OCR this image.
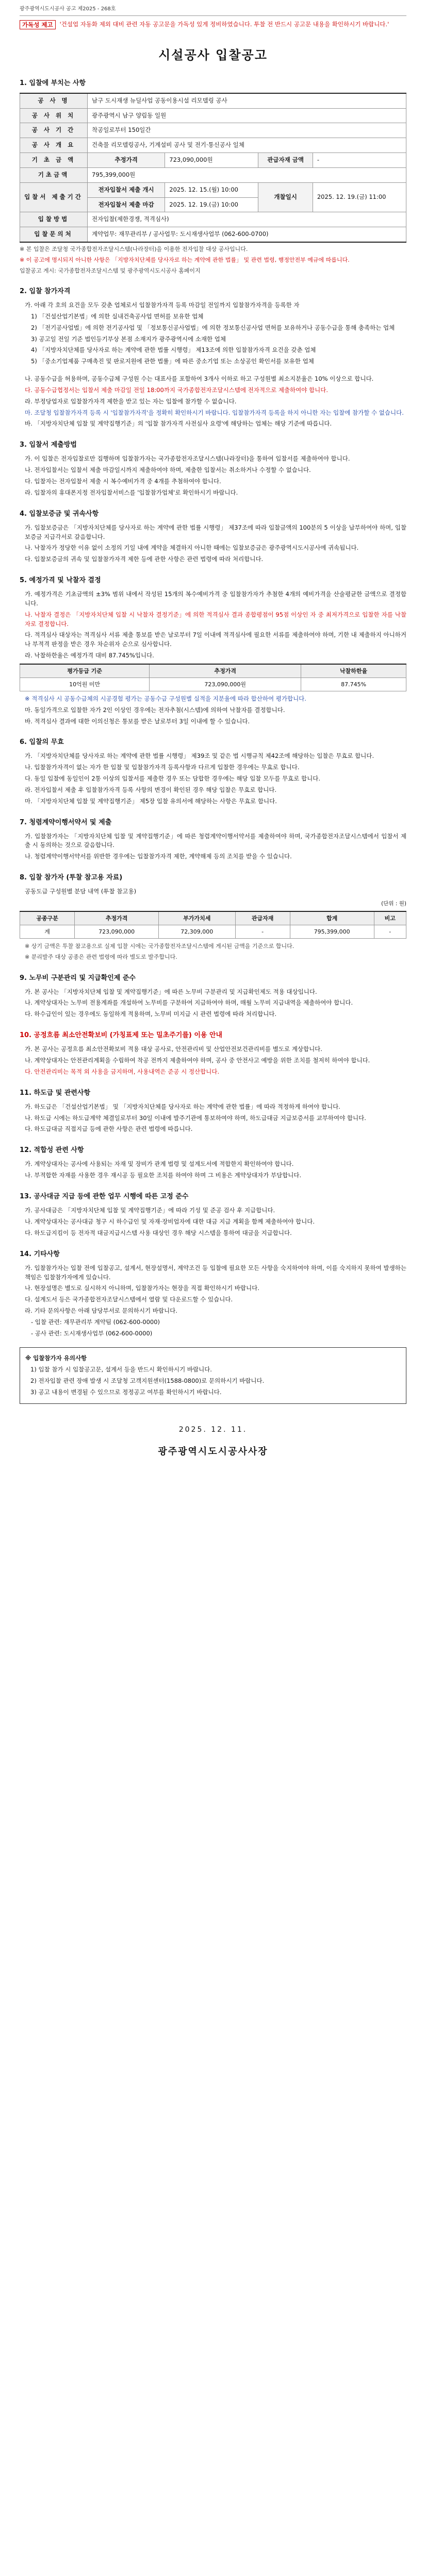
광주광역시도시공사 공고 제2025 - 268호
가독성 제고	'건설업 자동화 제외 대비 관련 자동 공고문을 가독성 있게 정비하였습니다. 투찰 전 반드시 공고문 내용을 확인하시기 바랍니다.'
시설공사 입찰공고
1. 입찰에 부치는 사항
공 사 명	남구 도시재생 뉴딜사업 공동이용시설 리모델링 공사			
공 사 위 치	광주광역시 남구 양림동 일원			
공 사 기 간	착공일로부터 150일간			
공 사 개 요	건축물 리모델링공사, 기계설비 공사 및 전기·통신공사 일체			
기 초 금 액	추정가격	723,090,000원	관급자재 금액	-
기초금액	795,399,000원			
입찰서 제출기간	전자입찰서 제출 개시	2025. 12. 15.(월) 10:00	개찰일시	2025. 12. 19.(금) 11:00
	전자입찰서 제출 마감	2025. 12. 19.(금) 10:00		
입찰방법	전자입찰(제한경쟁, 적격심사)			
입찰문의처	계약업무: 재무관리부 / 공사업무: 도시재생사업부 (062-600-0700)			

※ 본 입찰은 조달청 국가종합전자조달시스템(나라장터)을 이용한 전자입찰 대상 공사입니다.

※ 이 공고에 명시되지 아니한 사항은 「지방자치단체를 당사자로 하는 계약에 관한 법률」 및 관련 법령, 행정안전부 예규에 따릅니다.

입찰공고 게시: 국가종합전자조달시스템 및 광주광역시도시공사 홈페이지

2. 입찰 참가자격

가. 아래 각 호의 요건을 모두 갖춘 업체로서 입찰참가자격 등록 마감일 전일까지 입찰참가자격을 등록한 자

1) 「건설산업기본법」에 의한 실내건축공사업 면허를 보유한 업체

2) 「전기공사업법」에 의한 전기공사업 및 「정보통신공사업법」에 의한 정보통신공사업 면허를 보유하거나 공동수급을 통해 충족하는 업체

3) 공고일 전일 기준 법인등기부상 본점 소재지가 광주광역시에 소재한 업체

4) 「지방자치단체를 당사자로 하는 계약에 관한 법률 시행령」 제13조에 의한 입찰참가자격 요건을 갖춘 업체

5) 「중소기업제품 구매촉진 및 판로지원에 관한 법률」에 따른 중소기업 또는 소상공인 확인서를 보유한 업체

나. 공동수급을 허용하며, 공동수급체 구성원 수는 대표사를 포함하여 3개사 이하로 하고 구성원별 최소지분율은 10% 이상으로 합니다.

다. 공동수급협정서는 입찰서 제출 마감일 전일 18:00까지 국가종합전자조달시스템에 전자적으로 제출하여야 합니다.

라. 부정당업자로 입찰참가자격 제한을 받고 있는 자는 입찰에 참가할 수 없습니다.

마. 조달청 입찰참가자격 등록 시 '입찰참가자격'을 정확히 확인하시기 바랍니다. 입찰참가자격 등록을 하지 아니한 자는 입찰에 참가할 수 없습니다.

바. 「지방자치단체 입찰 및 계약집행기준」의 '입찰 참가자격 사전심사 요령'에 해당하는 업체는 해당 기준에 따릅니다.

3. 입찰서 제출방법

가. 이 입찰은 전자입찰로만 집행하며 입찰참가자는 국가종합전자조달시스템(나라장터)을 통하여 입찰서를 제출하여야 합니다.

나. 전자입찰서는 입찰서 제출 마감일시까지 제출하여야 하며, 제출한 입찰서는 취소하거나 수정할 수 없습니다.

다. 입찰자는 전자입찰서 제출 시 복수예비가격 중 4개를 추첨하여야 합니다.

라. 입찰자의 휴대폰지정 전자입찰서비스를 '입찰참가업체'로 확인하시기 바랍니다.

4. 입찰보증금 및 귀속사항

가. 입찰보증금은 「지방자치단체를 당사자로 하는 계약에 관한 법률 시행령」 제37조에 따라 입찰금액의 100분의 5 이상을 납부하여야 하며, 입찰보증금 지급각서로 갈음합니다.

나. 낙찰자가 정당한 이유 없이 소정의 기일 내에 계약을 체결하지 아니한 때에는 입찰보증금은 광주광역시도시공사에 귀속됩니다.

다. 입찰보증금의 귀속 및 입찰참가자격 제한 등에 관한 사항은 관련 법령에 따라 처리합니다.

5. 예정가격 및 낙찰자 결정

가. 예정가격은 기초금액의 ±3% 범위 내에서 작성된 15개의 복수예비가격 중 입찰참가자가 추첨한 4개의 예비가격을 산술평균한 금액으로 결정합니다.

나. 낙찰자 결정은 「지방자치단체 입찰 시 낙찰자 결정기준」에 의한 적격심사 결과 종합평점이 95점 이상인 자 중 최저가격으로 입찰한 자를 낙찰자로 결정합니다.

다. 적격심사 대상자는 적격심사 서류 제출 통보를 받은 날로부터 7일 이내에 적격심사에 필요한 서류를 제출하여야 하며, 기한 내 제출하지 아니하거나 부적격 판정을 받은 경우 차순위자 순으로 심사합니다.

라. 낙찰하한율은 예정가격 대비 87.745%입니다.

평가등급 기준	추정가격	낙찰하한율
10억원 미만	723,090,000원	87.745%

※ 적격심사 시 공동수급체의 시공경험 평가는 공동수급 구성원별 실적을 지분율에 따라 합산하여 평가합니다.

마. 동일가격으로 입찰한 자가 2인 이상인 경우에는 전자추첨(시스템)에 의하여 낙찰자를 결정합니다.

바. 적격심사 결과에 대한 이의신청은 통보를 받은 날로부터 3일 이내에 할 수 있습니다.

6. 입찰의 무효

가. 「지방자치단체를 당사자로 하는 계약에 관한 법률 시행령」 제39조 및 같은 법 시행규칙 제42조에 해당하는 입찰은 무효로 합니다.

나. 입찰참가자격이 없는 자가 한 입찰 및 입찰참가자격 등록사항과 다르게 입찰한 경우에는 무효로 합니다.

다. 동일 입찰에 동일인이 2통 이상의 입찰서를 제출한 경우 또는 담합한 경우에는 해당 입찰 모두를 무효로 합니다.

라. 전자입찰서 제출 후 입찰참가자격 등록 사항의 변경이 확인된 경우 해당 입찰은 무효로 합니다.

마. 「지방자치단체 입찰 및 계약집행기준」 제5장 입찰 유의서에 해당하는 사항은 무효로 합니다.

7. 청렴계약이행서약서 및 제출

가. 입찰참가자는 「지방자치단체 입찰 및 계약집행기준」에 따른 청렴계약이행서약서를 제출하여야 하며, 국가종합전자조달시스템에서 입찰서 제출 시 동의하는 것으로 갈음합니다.

나. 청렴계약이행서약서를 위반한 경우에는 입찰참가자격 제한, 계약해제 등의 조치를 받을 수 있습니다.

8. 입찰 참가자 (투찰 참고용 자료)

공동도급 구성원별 분담 내역 (투찰 참고용)

(단위 : 원)
공종구분	추정가격	부가가치세	관급자재	합계	비고
계	723,090,000	72,309,000	-	795,399,000	-

※ 상기 금액은 투찰 참고용으로 실제 입찰 시에는 국가종합전자조달시스템에 게시된 금액을 기준으로 합니다.

※ 분리발주 대상 공종은 관련 법령에 따라 별도로 발주합니다.

9. 노무비 구분관리 및 지급확인제 준수

가. 본 공사는 「지방자치단체 입찰 및 계약집행기준」에 따른 노무비 구분관리 및 지급확인제도 적용 대상입니다.

나. 계약상대자는 노무비 전용계좌를 개설하여 노무비를 구분하여 지급하여야 하며, 매월 노무비 지급내역을 제출하여야 합니다.

다. 하수급인이 있는 경우에도 동일하게 적용하며, 노무비 미지급 시 관련 법령에 따라 처리합니다.

10. 공정흐름 최소안전확보비 (가칭표제 또는 밀초주기를) 이용 안내

가. 본 공사는 공정흐름 최소안전확보비 적용 대상 공사로, 안전관리비 및 산업안전보건관리비를 별도로 계상합니다.

나. 계약상대자는 안전관리계획을 수립하여 착공 전까지 제출하여야 하며, 공사 중 안전사고 예방을 위한 조치를 철저히 하여야 합니다.

다. 안전관리비는 목적 외 사용을 금지하며, 사용내역은 준공 시 정산합니다.

11. 하도급 및 관련사항

가. 하도급은 「건설산업기본법」 및 「지방자치단체를 당사자로 하는 계약에 관한 법률」에 따라 적정하게 하여야 합니다.

나. 하도급 시에는 하도급계약 체결일로부터 30일 이내에 발주기관에 통보하여야 하며, 하도급대금 지급보증서를 교부하여야 합니다.

다. 하도급대금 직접지급 등에 관한 사항은 관련 법령에 따릅니다.

12. 적합성 관련 사항

가. 계약상대자는 공사에 사용되는 자재 및 장비가 관계 법령 및 설계도서에 적합한지 확인하여야 합니다.

나. 부적합한 자재를 사용한 경우 재시공 등 필요한 조치를 하여야 하며 그 비용은 계약상대자가 부담합니다.

13. 공사대금 지급 등에 관한 업무 시행에 따른 고정 준수

가. 공사대금은 「지방자치단체 입찰 및 계약집행기준」에 따라 기성 및 준공 검사 후 지급합니다.

나. 계약상대자는 공사대금 청구 시 하수급인 및 자재·장비업자에 대한 대금 지급 계획을 함께 제출하여야 합니다.

다. 하도급지킴이 등 전자적 대금지급시스템 사용 대상인 경우 해당 시스템을 통하여 대금을 지급합니다.

14. 기타사항

가. 입찰참가자는 입찰 전에 입찰공고, 설계서, 현장설명서, 계약조건 등 입찰에 필요한 모든 사항을 숙지하여야 하며, 이를 숙지하지 못하여 발생하는 책임은 입찰참가자에게 있습니다.

나. 현장설명은 별도로 실시하지 아니하며, 입찰참가자는 현장을 직접 확인하시기 바랍니다.

다. 설계도서 등은 국가종합전자조달시스템에서 열람 및 다운로드할 수 있습니다.

라. 기타 문의사항은 아래 담당부서로 문의하시기 바랍니다.

- 입찰 관련: 재무관리부 계약팀 (062-600-0000)

- 공사 관련: 도시재생사업부 (062-600-0000)

※ 입찰참가자 유의사항

1) 입찰 참가 시 입찰공고문, 설계서 등을 반드시 확인하시기 바랍니다.

2) 전자입찰 관련 장애 발생 시 조달청 고객지원센터(1588-0800)로 문의하시기 바랍니다.

3) 공고 내용이 변경될 수 있으므로 정정공고 여부를 확인하시기 바랍니다.

2025. 12. 11.
광주광역시도시공사사장
